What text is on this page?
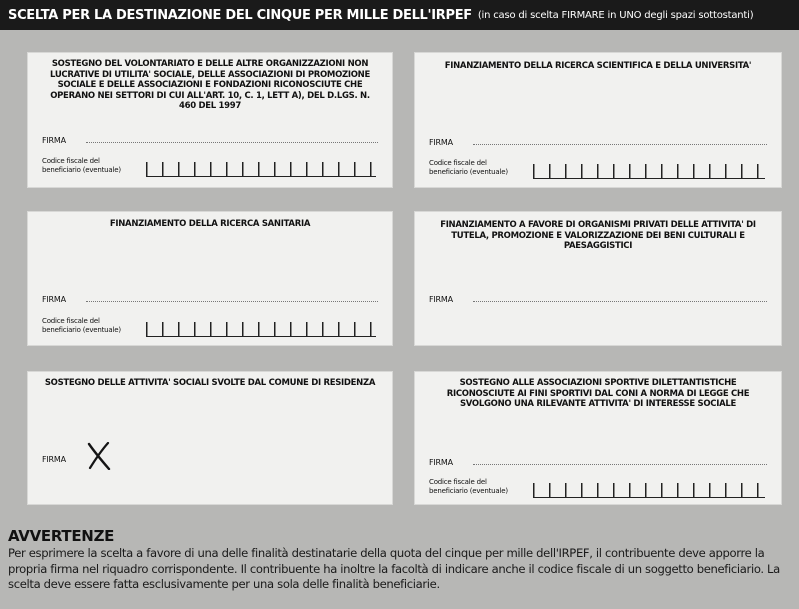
SCELTA PER LA DESTINAZIONE DEL CINQUE PER MILLE DELL'IRPEF (in caso di scelta FIRMARE in UNO degli spazi sottostanti)
SOSTEGNO DEL VOLONTARIATO E DELLE ALTRE ORGANIZZAZIONI NON LUCRATIVE DI UTILITA' SOCIALE, DELLE ASSOCIAZIONI DI PROMOZIONE SOCIALE E DELLE ASSOCIAZIONI E FONDAZIONI RICONOSCIUTE CHE OPERANO NEI SETTORI DI CUI ALL'ART. 10, C. 1, LETT A), DEL D.LGS. N. 460 DEL 1997
FIRMA
Codice fiscale del
beneficiario (eventuale)
FINANZIAMENTO DELLA RICERCA SCIENTIFICA E DELLA UNIVERSITA'
FIRMA
Codice fiscale del
beneficiario (eventuale)
FINANZIAMENTO DELLA RICERCA SANITARIA
FIRMA
Codice fiscale del
beneficiario (eventuale)
FINANZIAMENTO A FAVORE DI ORGANISMI PRIVATI DELLE ATTIVITA' DI TUTELA, PROMOZIONE E VALORIZZAZIONE DEI BENI CULTURALI E PAESAGGISTICI
FIRMA
SOSTEGNO DELLE ATTIVITA' SOCIALI SVOLTE DAL COMUNE DI RESIDENZA
FIRMA
SOSTEGNO ALLE ASSOCIAZIONI SPORTIVE DILETTANTISTICHE RICONOSCIUTE AI FINI SPORTIVI DAL CONI A NORMA DI LEGGE CHE SVOLGONO UNA RILEVANTE ATTIVITA' DI INTERESSE SOCIALE
FIRMA
Codice fiscale del
beneficiario (eventuale)
AVVERTENZE
Per esprimere la scelta a favore di una delle finalità destinatarie della quota del cinque per mille dell'IRPEF, il contribuente deve apporre la propria firma nel riquadro corrispondente. Il contribuente ha inoltre la facoltà di indicare anche il codice fiscale di un soggetto beneficiario. La scelta deve essere fatta esclusivamente per una sola delle finalità beneficiarie.
